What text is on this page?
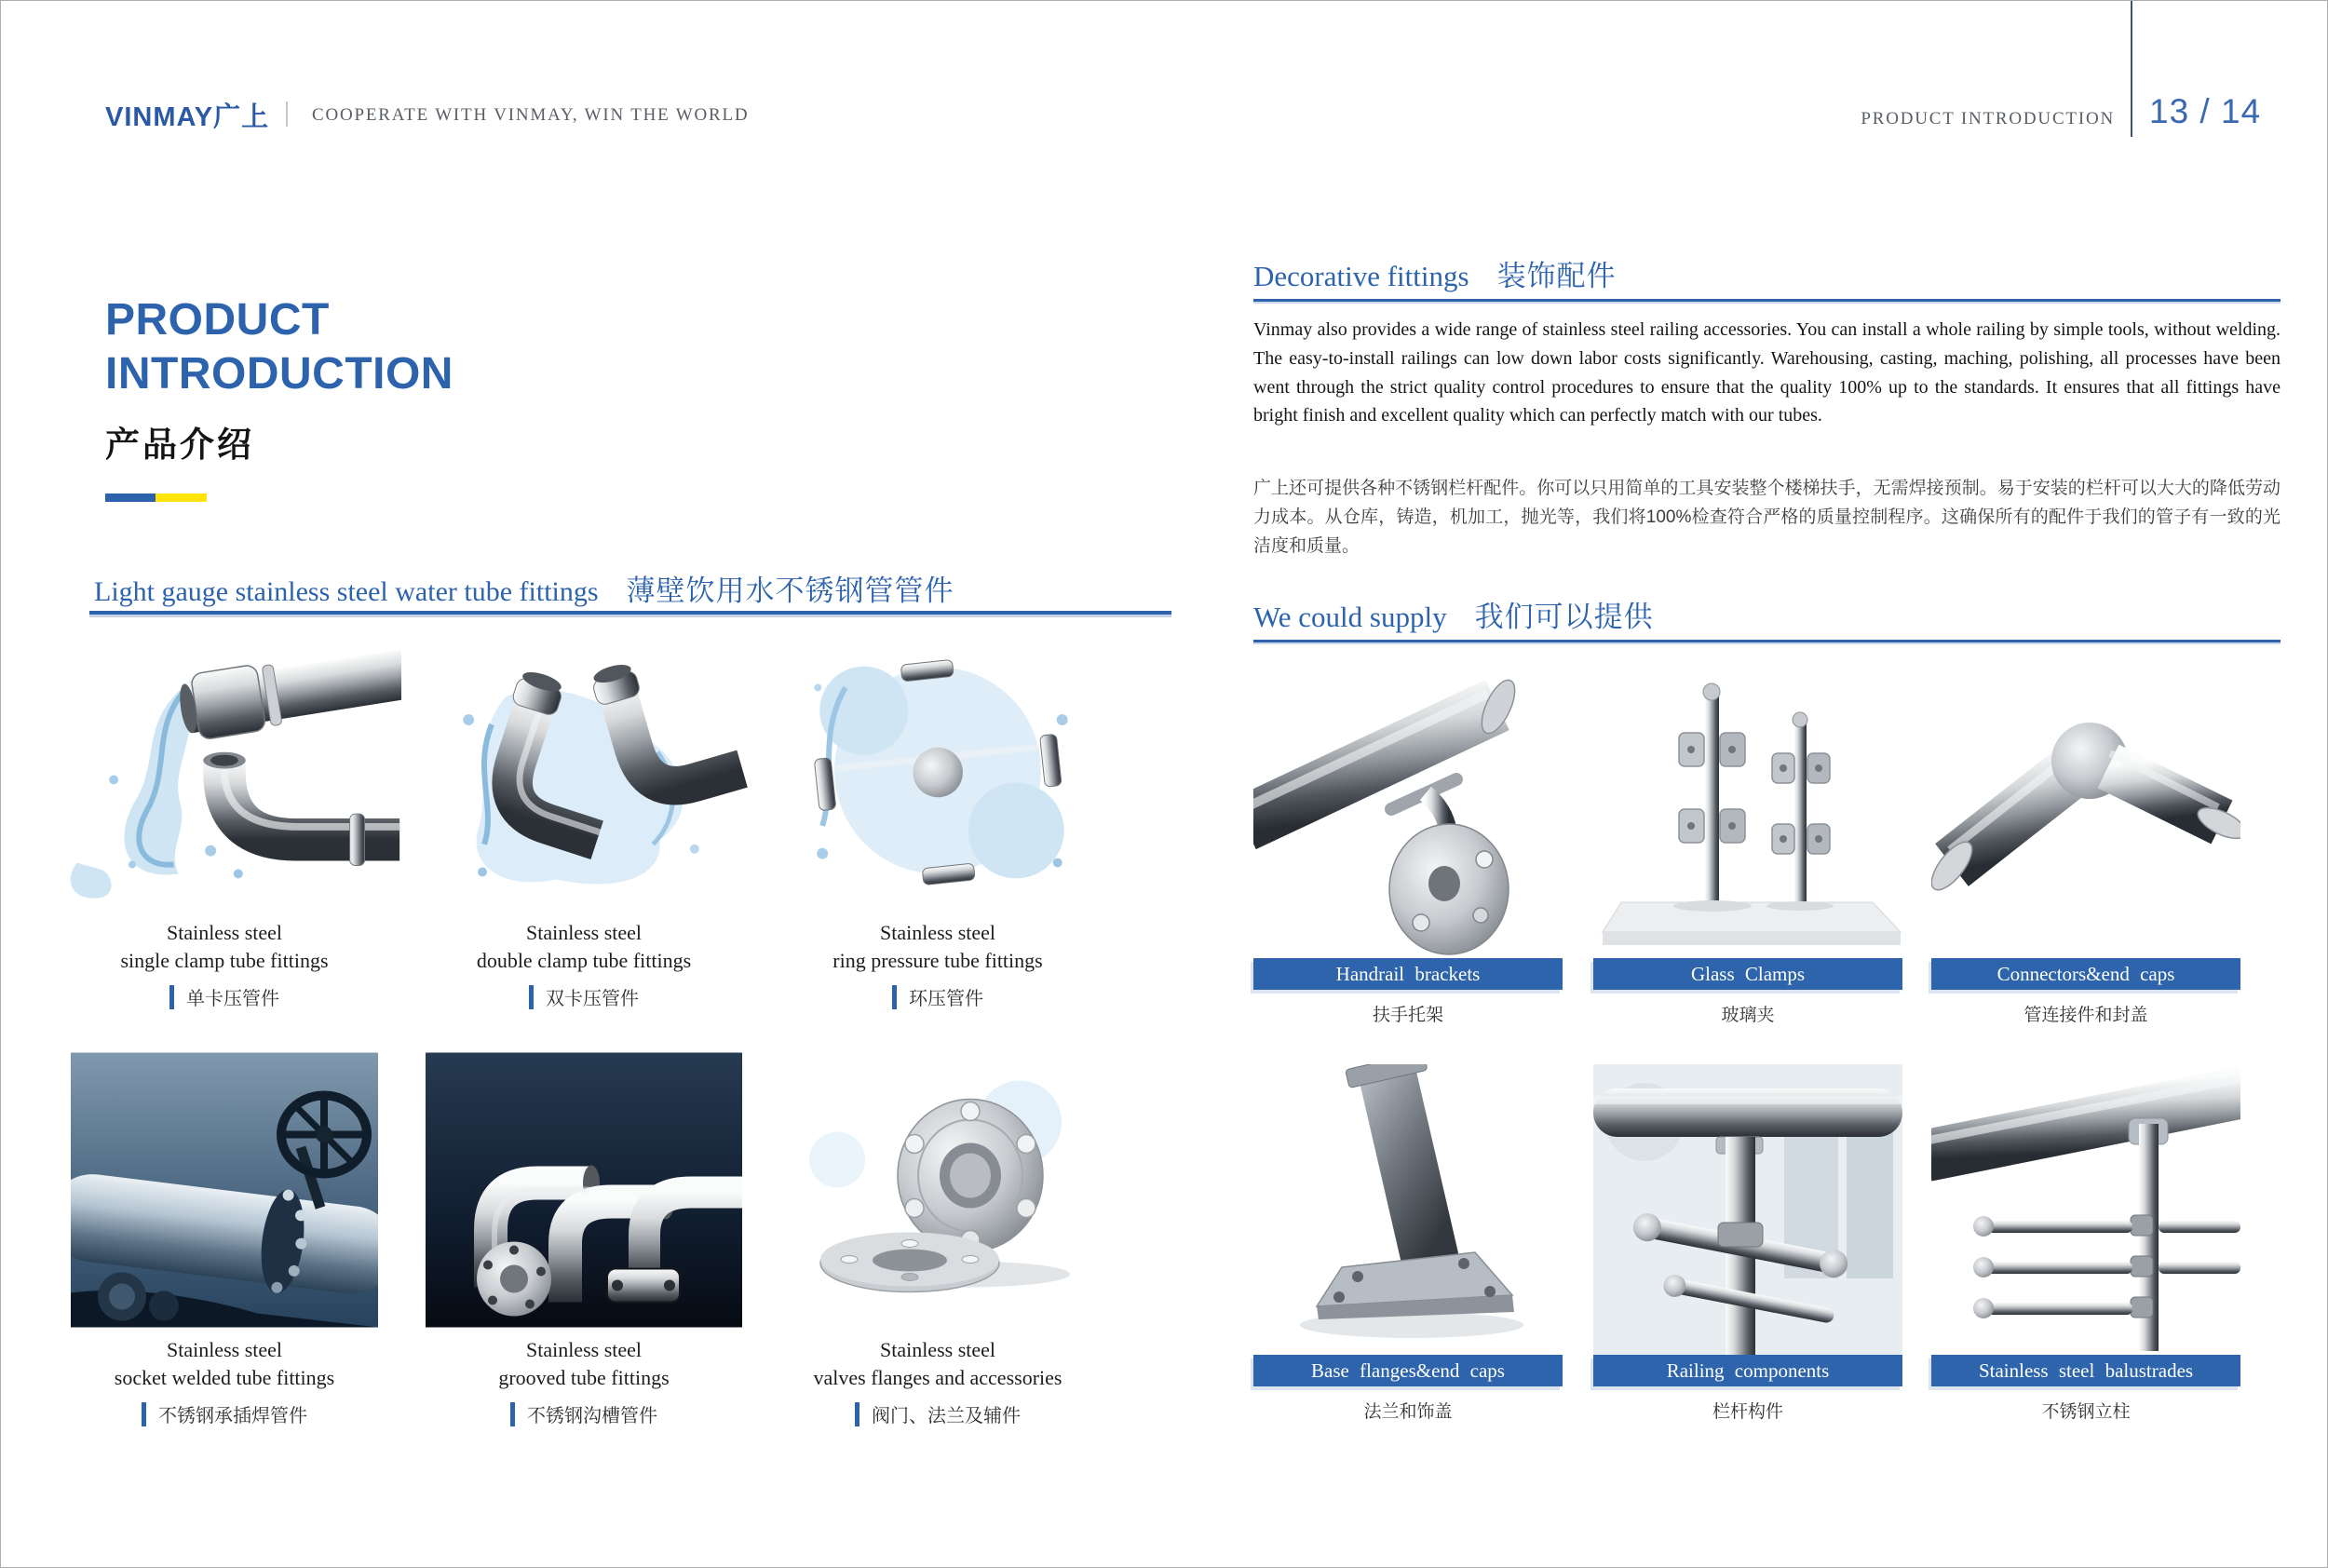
VINMAY广上 COOPERATE WITH VINMAY, WIN THE WORLD	PRODUCT INTRODUCTION 13 / 14
PRODUCT
INTRODUCTION
产品介绍
Light gauge stainless steel water tube fittings 薄壁饮用水不锈钢管管件
Stainless steel
single clamp tube fittings
单卡压管件
Stainless steel
double clamp tube fittings
双卡压管件
Stainless steel
ring pressure tube fittings
环压管件
Stainless steel
socket welded tube fittings
不锈钢承插焊管件
Stainless steel
grooved tube fittings
不锈钢沟槽管件
Stainless steel
valves flanges and accessories
阀门、法兰及辅件
Decorative fittings 装饰配件
Vinmay also provides a wide range of stainless steel railing accessories. You can install a whole railing by simple tools, without welding. The easy-to-install railings can low down labor costs significantly. Warehousing, casting, maching, polishing, all processes have been went through the strict quality control procedures to ensure that the quality 100% up to the standards. It ensures that all fittings have bright finish and excellent quality which can perfectly match with our tubes.
广上还可提供各种不锈钢栏杆配件。你可以只用简单的工具安装整个楼梯扶手，无需焊接预制。易于安装的栏杆可以大大的降低劳动力成本。从仓库，铸造，机加工，抛光等，我们将100%检查符合严格的质量控制程序。这确保所有的配件于我们的管子有一致的光洁度和质量。
We could supply 我们可以提供
Handrail brackets
扶手托架
Glass Clamps
玻璃夹
Connectors&end caps
管连接件和封盖
Base flanges&end caps
法兰和饰盖
Railing components
栏杆构件
Stainless steel balustrades
不锈钢立柱
